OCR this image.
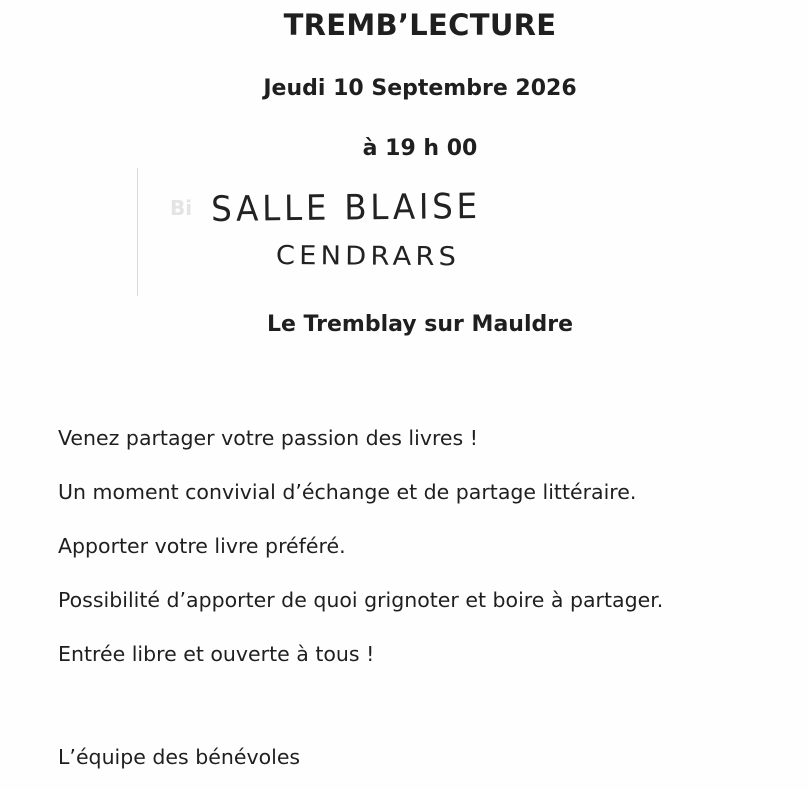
TREMB’LECTURE
Jeudi 10 Septembre 2026
à 19 h 00
Bi SALLE BLAISE
CENDRARS
Le Tremblay sur Mauldre
Venez partager votre passion des livres !
Un moment convivial d’échange et de partage littéraire.
Apporter votre livre préféré.
Possibilité d’apporter de quoi grignoter et boire à partager.
Entrée libre et ouverte à tous !
L’équipe des bénévoles
